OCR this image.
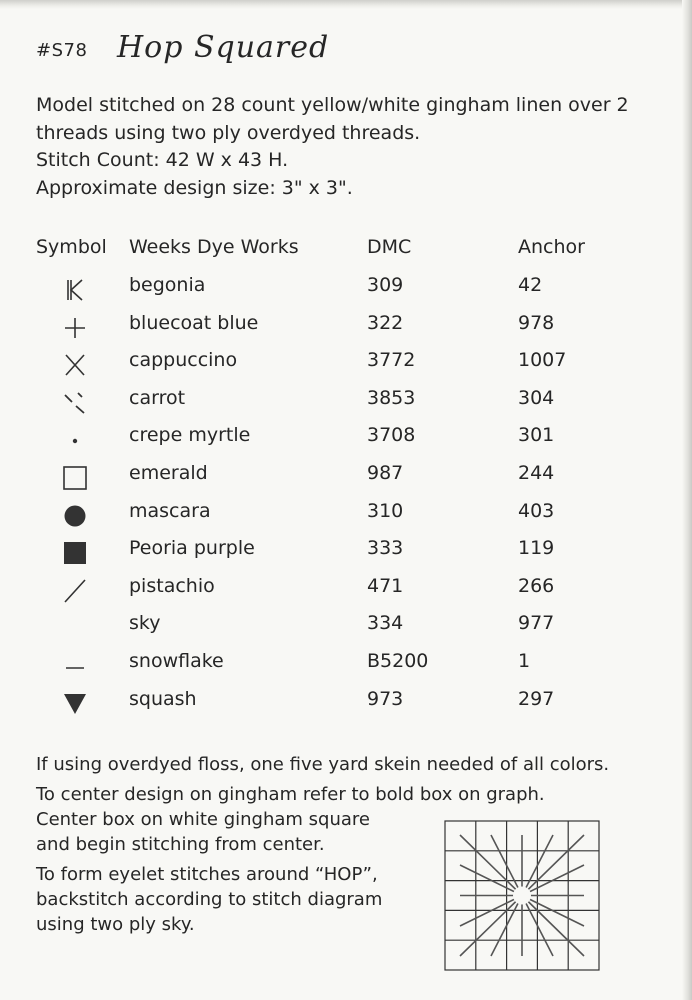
#S78 Hop Squared

Model stitched on 28 count yellow/white gingham linen over 2

threads using two ply overdyed threads.

Stitch Count: 42 W x 43 H.

Approximate design size: 3" x 3".

Symbol Weeks Dye Works	DMC	Anchor
begonia	309	42
bluecoat blue	322	978
cappuccino	3772	1007
carrot	3853	304
crepe myrtle	3708	301
emerald	987	244
mascara	310	403
Peoria purple	333	119
pistachio	471	266
sky	334	977
snowflake	B5200	1
squash	973	297

If using overdyed floss, one five yard skein needed of all colors.

To center design on gingham refer to bold box on graph.

Center box on white gingham square

and begin stitching from center.

To form eyelet stitches around “HOP”,

backstitch according to stitch diagram

using two ply sky.
